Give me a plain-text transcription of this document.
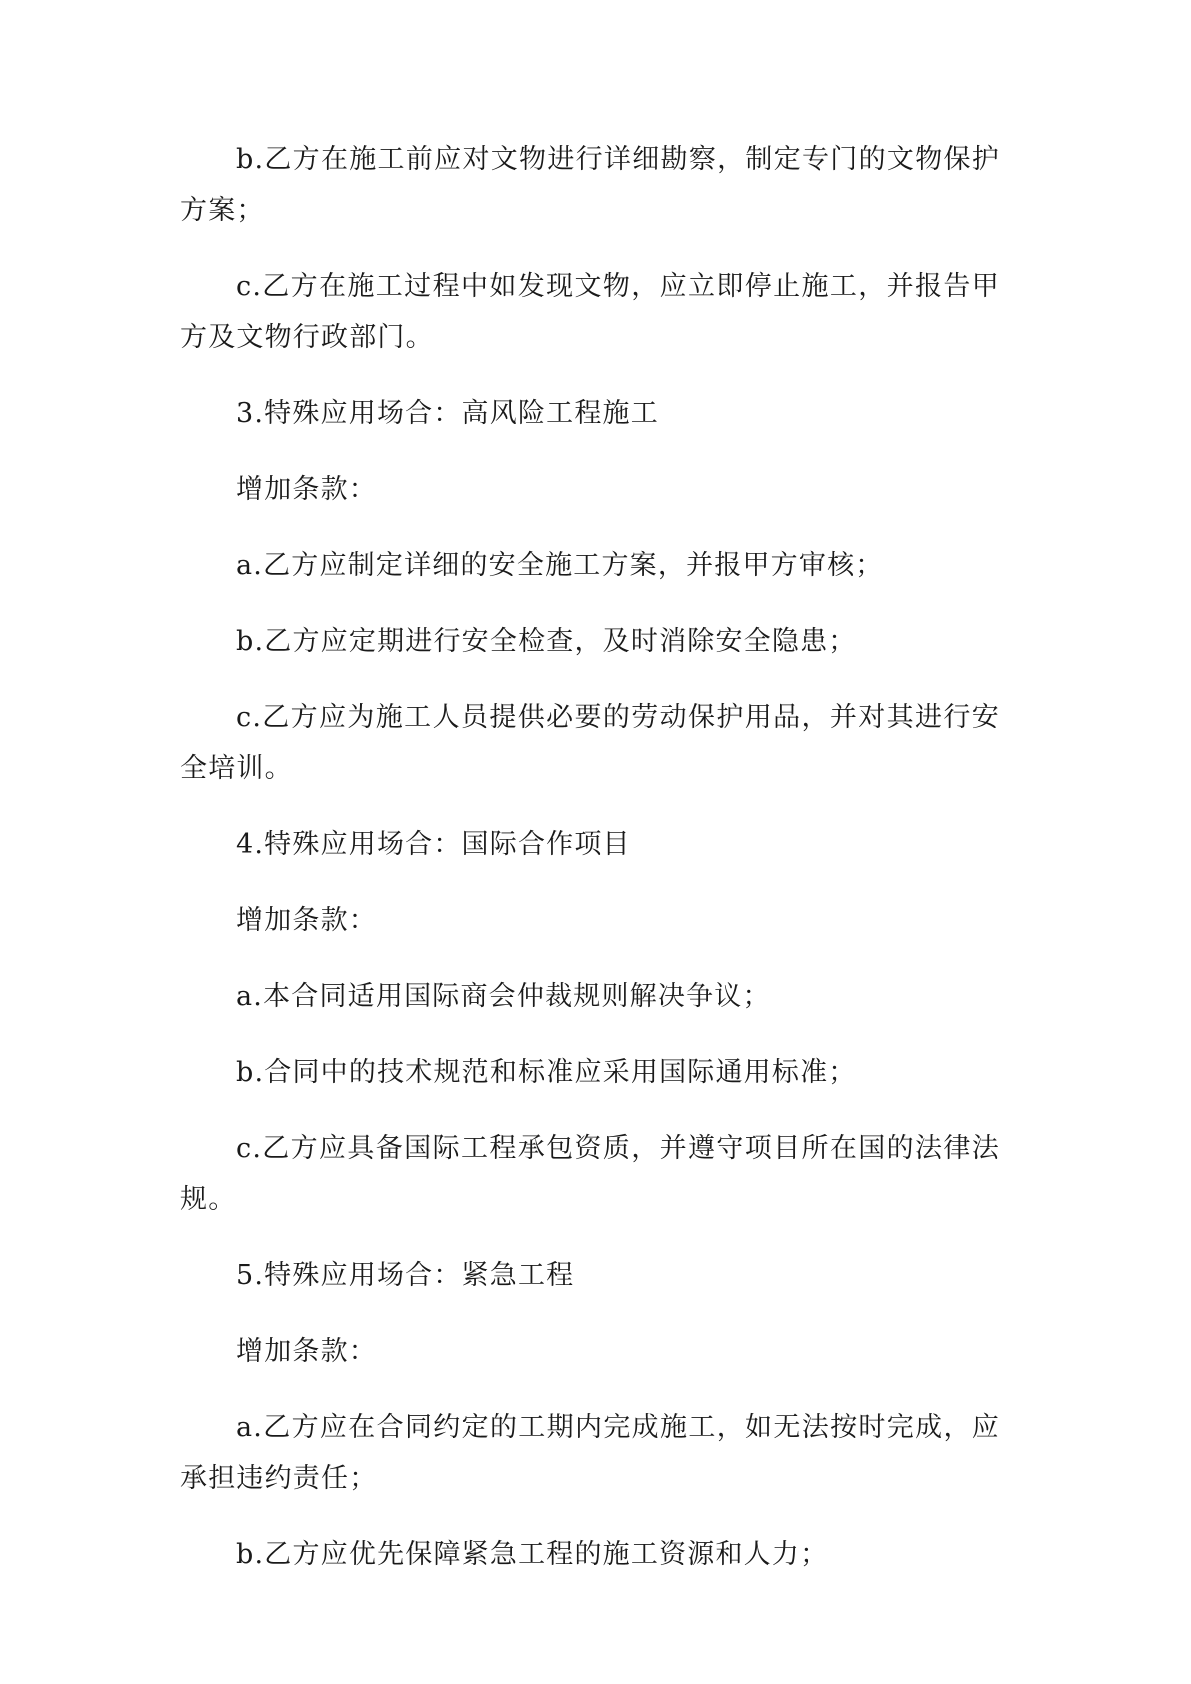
b.乙方在施工前应对文物进行详细勘察，制定专门的文物保护方案；

c.乙方在施工过程中如发现文物，应立即停止施工，并报告甲方及文物行政部门。

3.特殊应用场合：高风险工程施工

增加条款：

a.乙方应制定详细的安全施工方案，并报甲方审核；

b.乙方应定期进行安全检查，及时消除安全隐患；

c.乙方应为施工人员提供必要的劳动保护用品，并对其进行安全培训。

4.特殊应用场合：国际合作项目

增加条款：

a.本合同适用国际商会仲裁规则解决争议；

b.合同中的技术规范和标准应采用国际通用标准；

c.乙方应具备国际工程承包资质，并遵守项目所在国的法律法规。

5.特殊应用场合：紧急工程

增加条款：

a.乙方应在合同约定的工期内完成施工，如无法按时完成，应承担违约责任；

b.乙方应优先保障紧急工程的施工资源和人力；
